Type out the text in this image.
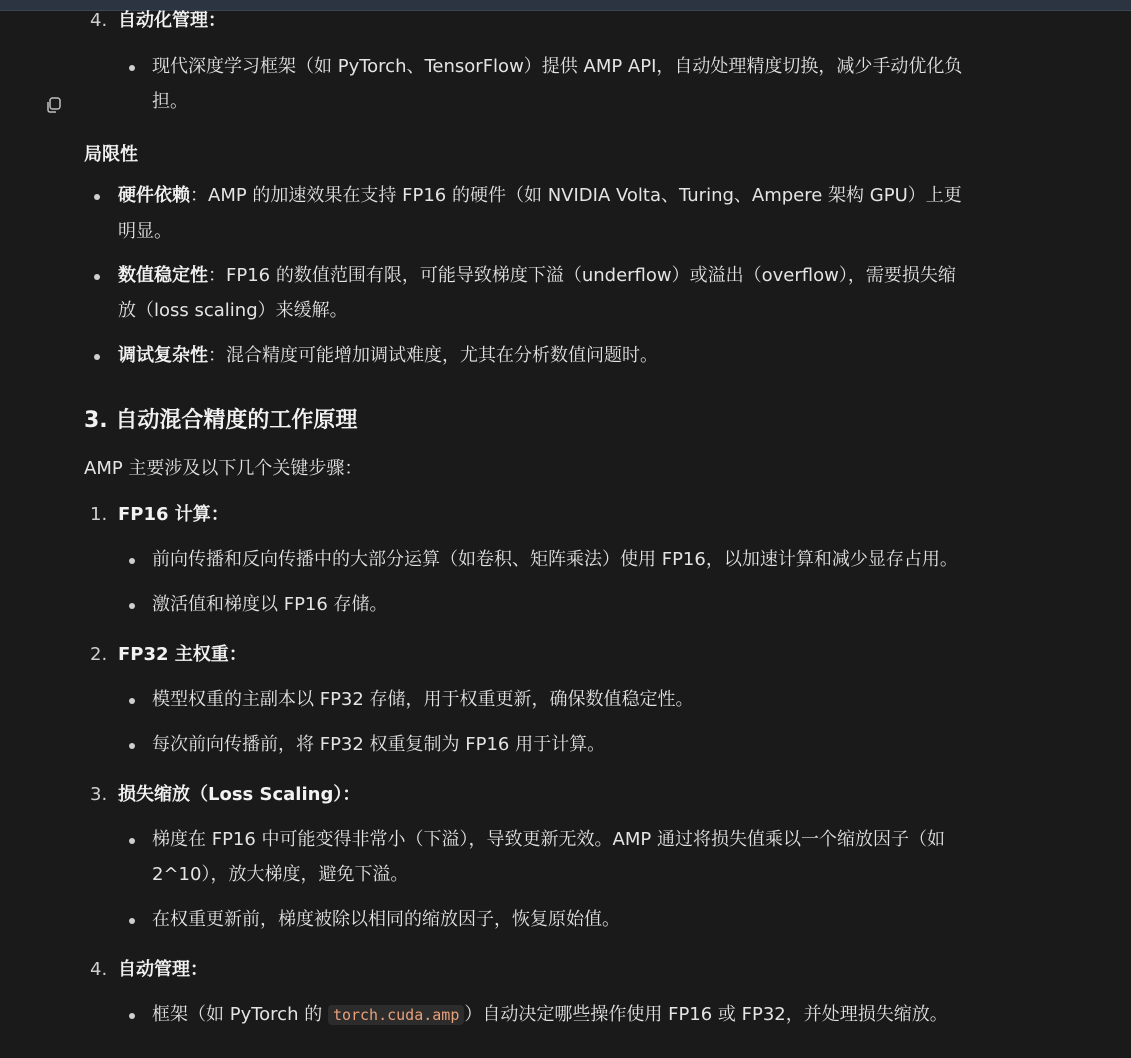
4. 自动化管理：
现代深度学习框架（如 PyTorch、TensorFlow）提供 AMP API，自动处理精度切换，减少手动优化负
担。
局限性
硬件依赖：AMP 的加速效果在支持 FP16 的硬件（如 NVIDIA Volta、Turing、Ampere 架构 GPU）上更
明显。
数值稳定性：FP16 的数值范围有限，可能导致梯度下溢（underflow）或溢出（overflow），需要损失缩
放（loss scaling）来缓解。
调试复杂性：混合精度可能增加调试难度，尤其在分析数值问题时。
3. 自动混合精度的工作原理
AMP 主要涉及以下几个关键步骤：
1. FP16 计算：
前向传播和反向传播中的大部分运算（如卷积、矩阵乘法）使用 FP16，以加速计算和减少显存占用。
激活值和梯度以 FP16 存储。
2. FP32 主权重：
模型权重的主副本以 FP32 存储，用于权重更新，确保数值稳定性。
每次前向传播前，将 FP32 权重复制为 FP16 用于计算。
3. 损失缩放（Loss Scaling）：
梯度在 FP16 中可能变得非常小（下溢），导致更新无效。AMP 通过将损失值乘以一个缩放因子（如
2^10），放大梯度，避免下溢。
在权重更新前，梯度被除以相同的缩放因子，恢复原始值。
4. 自动管理：
框架（如 PyTorch 的 torch.cuda.amp ）自动决定哪些操作使用 FP16 或 FP32，并处理损失缩放。
